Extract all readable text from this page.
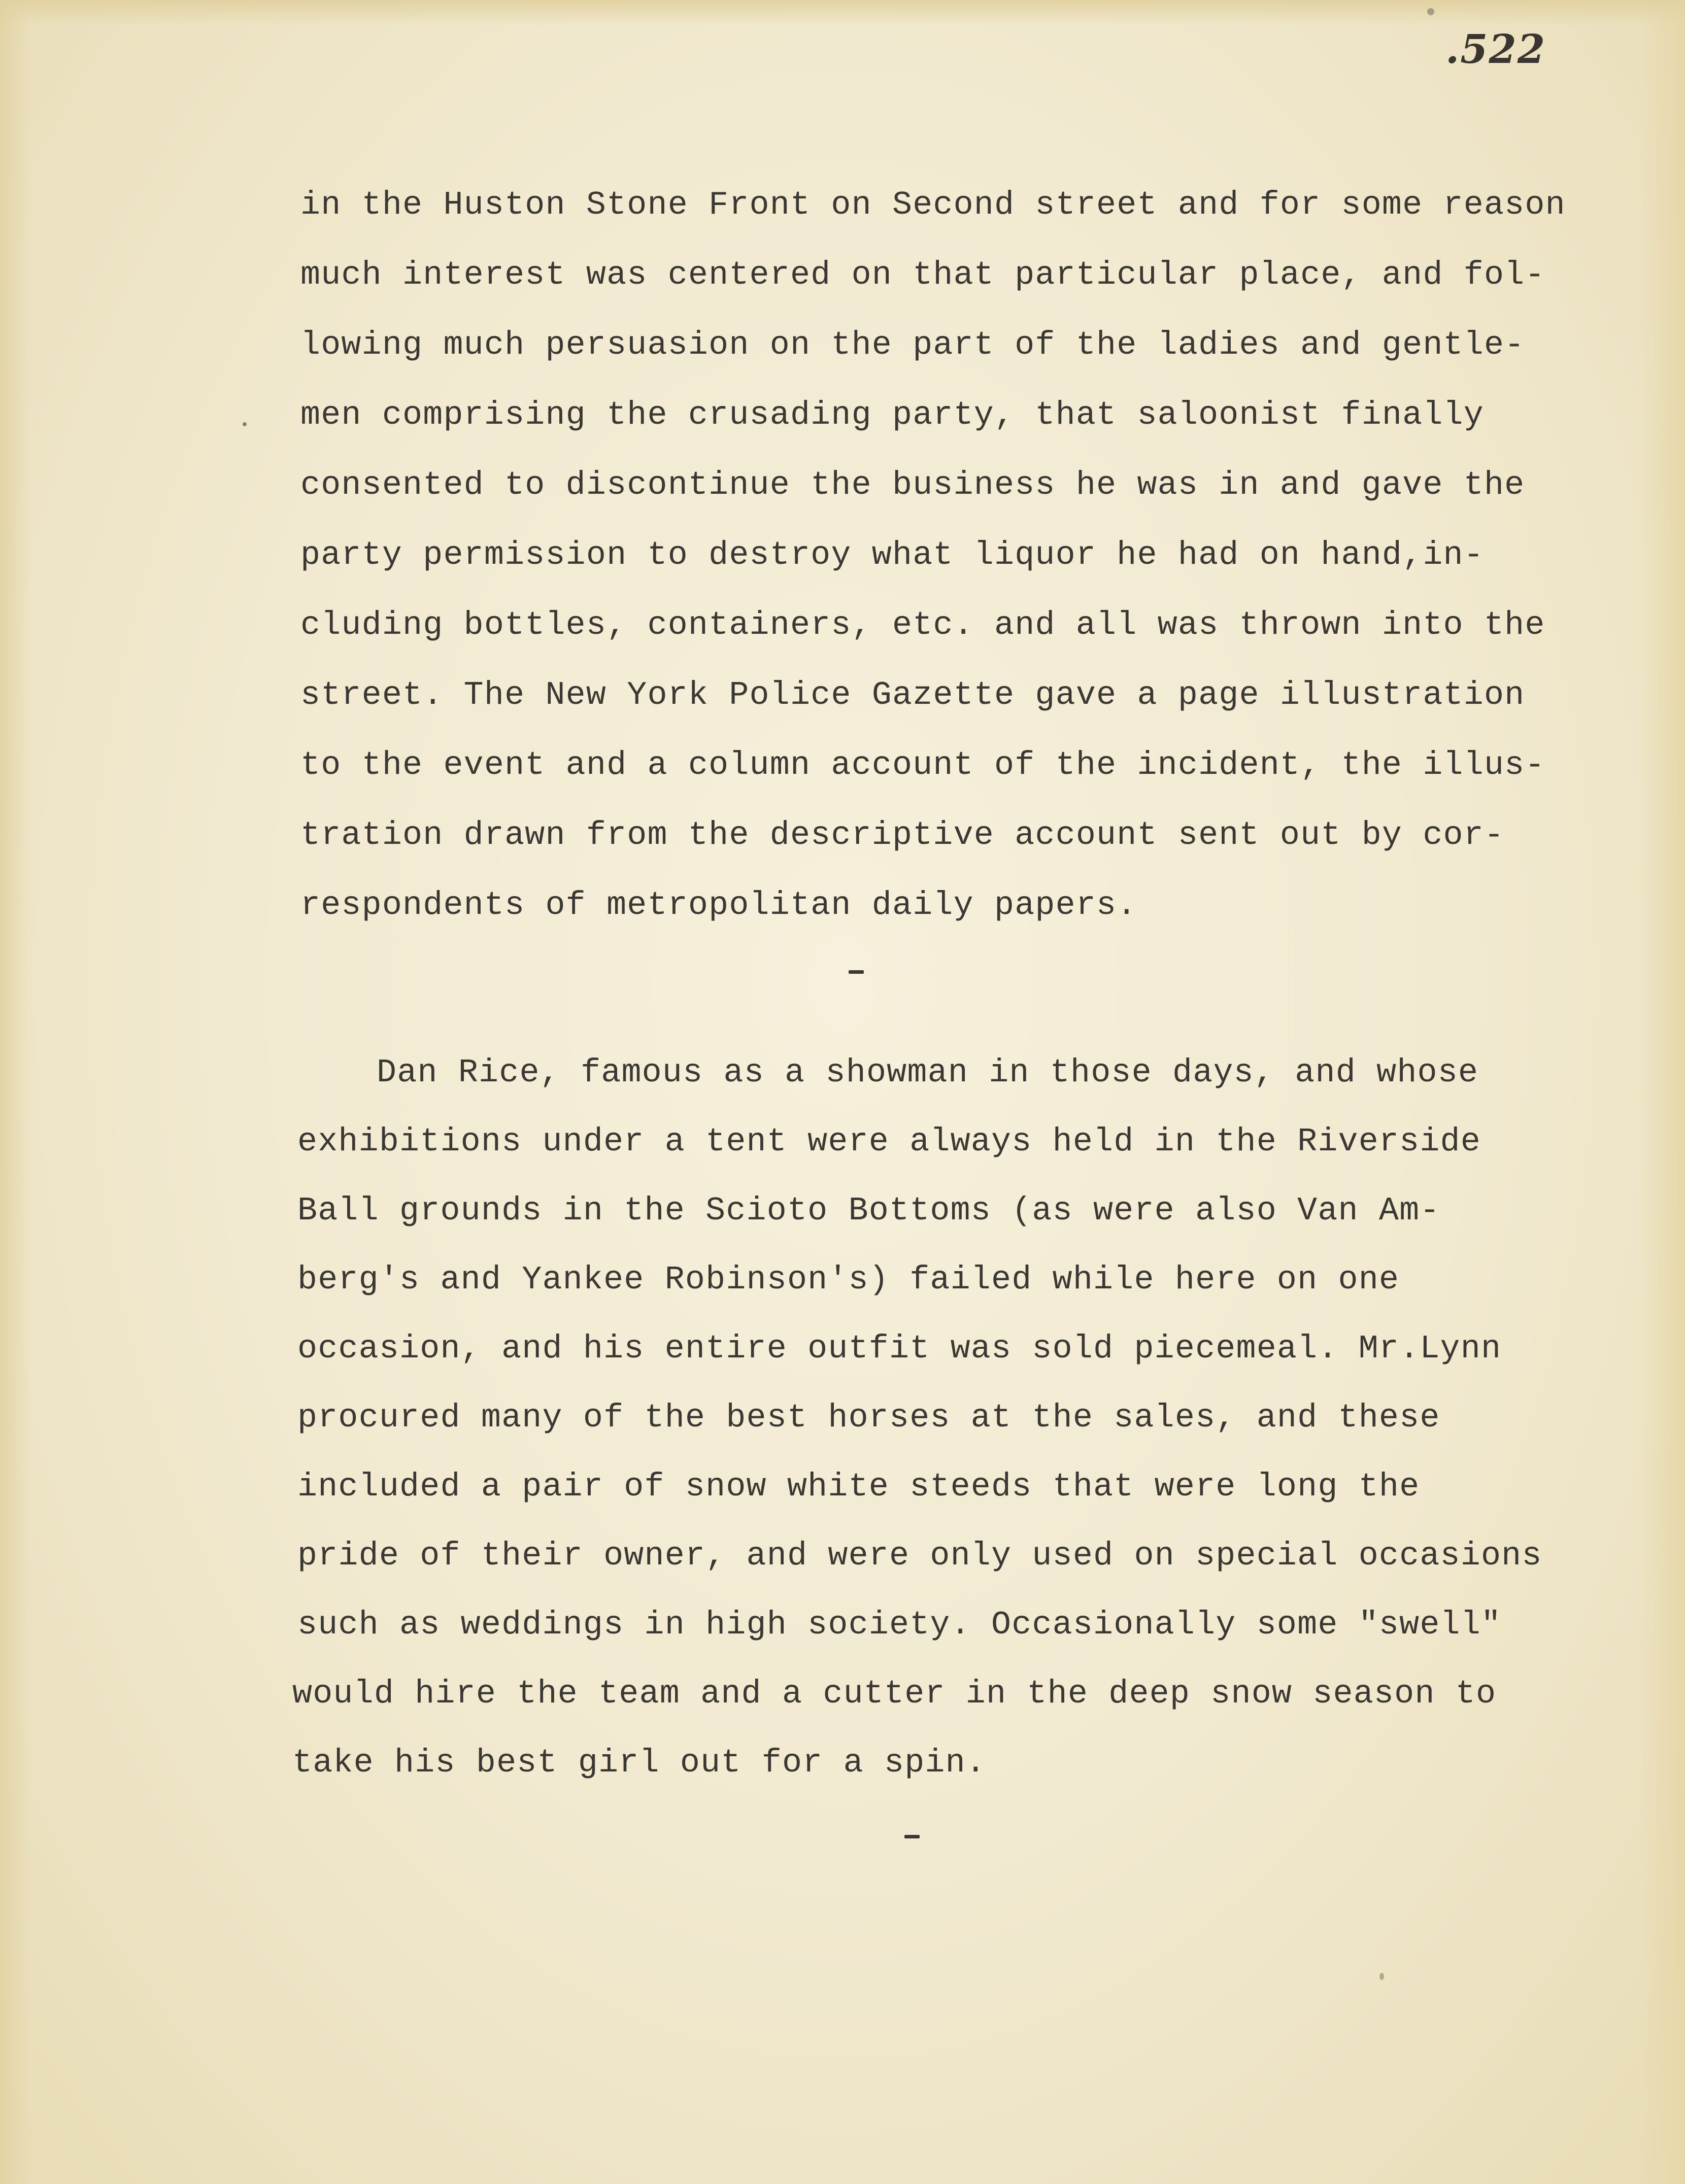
.522
in the Huston Stone Front on Second street and for some reason
much interest was centered on that particular place, and fol-
lowing much persuasion on the part of the ladies and gentle-
men comprising the crusading party, that saloonist finally
consented to discontinue the business he was in and gave the
party permission to destroy what liquor he had on hand,in-
cluding bottles, containers, etc. and all was thrown into the
street. The New York Police Gazette gave a page illustration
to the event and a column account of the incident, the illus-
tration drawn from the descriptive account sent out by cor-
respondents of metropolitan daily papers.
Dan Rice, famous as a showman in those days, and whose
exhibitions under a tent were always held in the Riverside
Ball grounds in the Scioto Bottoms (as were also Van Am-
berg's and Yankee Robinson's) failed while here on one
occasion, and his entire outfit was sold piecemeal. Mr.Lynn
procured many of the best horses at the sales, and these
included a pair of snow white steeds that were long the
pride of their owner, and were only used on special occasions
such as weddings in high society. Occasionally some "swell"
would hire the team and a cutter in the deep snow season to
take his best girl out for a spin.
